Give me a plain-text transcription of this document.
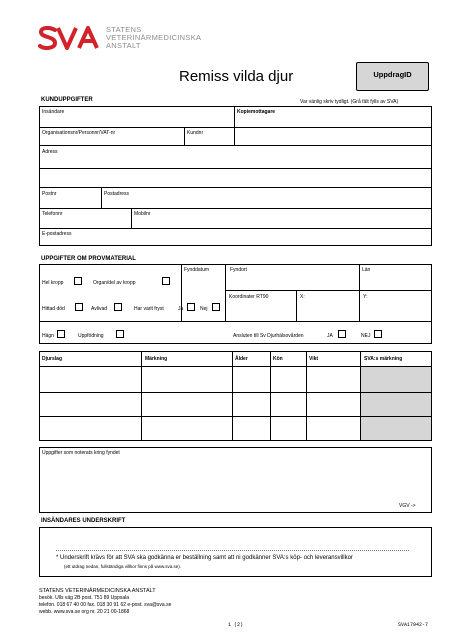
STATENS
VETERINÄRMEDICINSKA
ANSTALT
Remiss vilda djur	UppdragID
KUNDUPPGIFTER	Var vänlig skriv tydligt. (Grå fält fylls av SVA)
Insändare	Kopiemottagare
Organisationsnr/Personnr/VAT-nr	Kundnr
Adress
Postnr	Postadress
Telefonnr	Mobilnr
E-postadress
UPPGIFTER OM PROVMATERIAL
Hel kropp	Organ/del av kropp
Fynddatum	Fyndort	Län
Hittad död	Avlivad	Har varit fryst	Ja	Nej
Koordinater RT90	X:	Y:
Hägn	Uppfödning	Ansluten till Sv Djurhälsovården	JA	NEJ
Djurslag	Märkning	Ålder	Kön	Vikt	SVA:s märkning
Uppgifter som noterats kring fyndet
VGV ->
INSÄNDARES UNDERSKRIFT
* Underskrift krävs för att SVA ska godkänna er beställning samt att ni godkänner SVA:s köp- och leveransvillkor
(ett utdrag nedan, fullständiga villkor finns på www.sva.se).
STATENS VETERINÄRMEDICINSKA ANSTALT
besök. Ulls väg 2B post. 751 89 Uppsala
telefon. 018 67 40 00 fax. 018 30 91 62 e-post. sva@sva.se
webb. www.sva.se org nr. 20 21 00-1868
1 (2)	SVA17942-7
